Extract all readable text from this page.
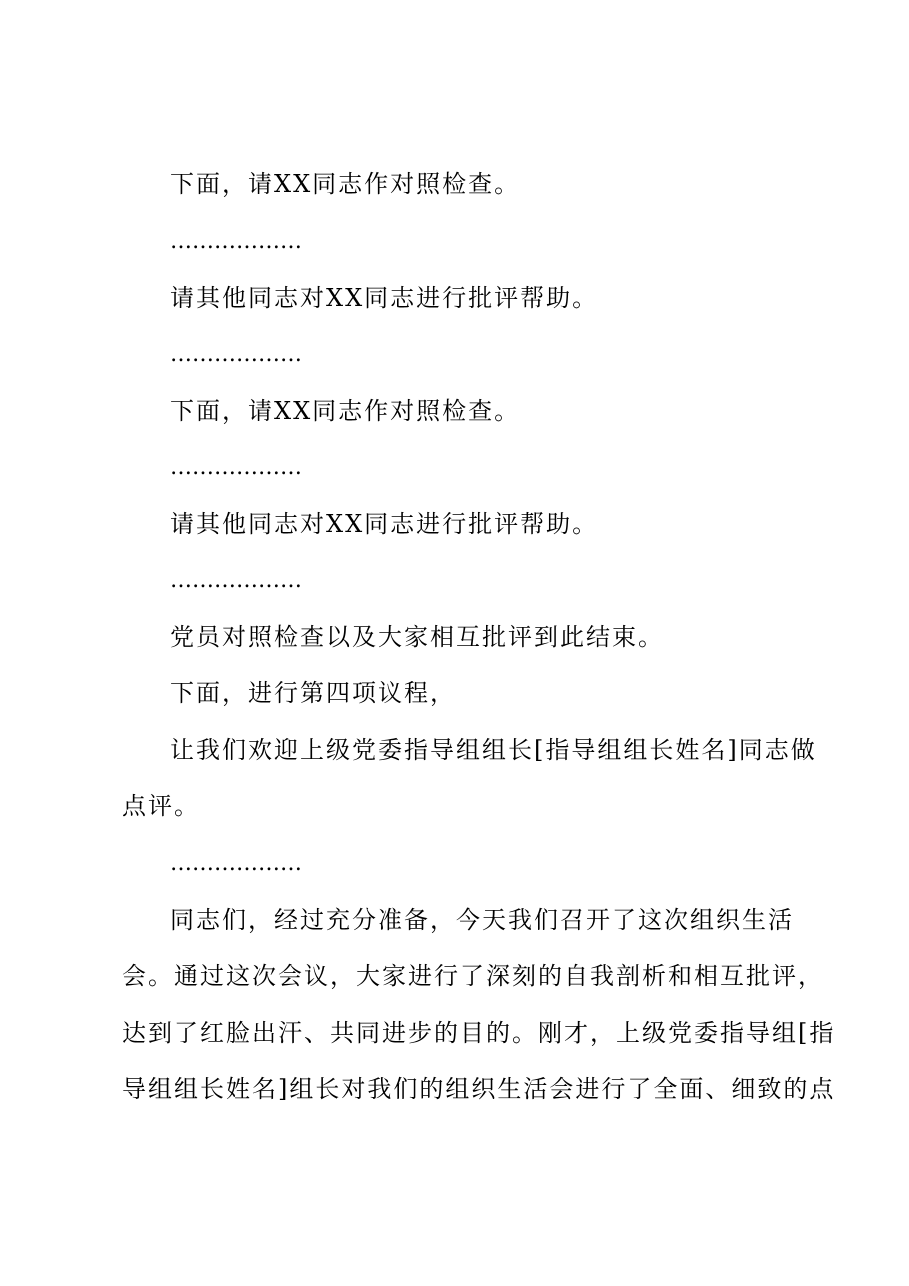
下面，请XX同志作对照检查。
………………
请其他同志对XX同志进行批评帮助。
………………
下面，请XX同志作对照检查。
………………
请其他同志对XX同志进行批评帮助。
………………
党员对照检查以及大家相互批评到此结束。
下面，进行第四项议程，
让我们欢迎上级党委指导组组长[指导组组长姓名]同志做
点评。
………………
同志们，经过充分准备，今天我们召开了这次组织生活
会。通过这次会议，大家进行了深刻的自我剖析和相互批评，
达到了红脸出汗、共同进步的目的。刚才，上级党委指导组[指
导组组长姓名]组长对我们的组织生活会进行了全面、细致的点
